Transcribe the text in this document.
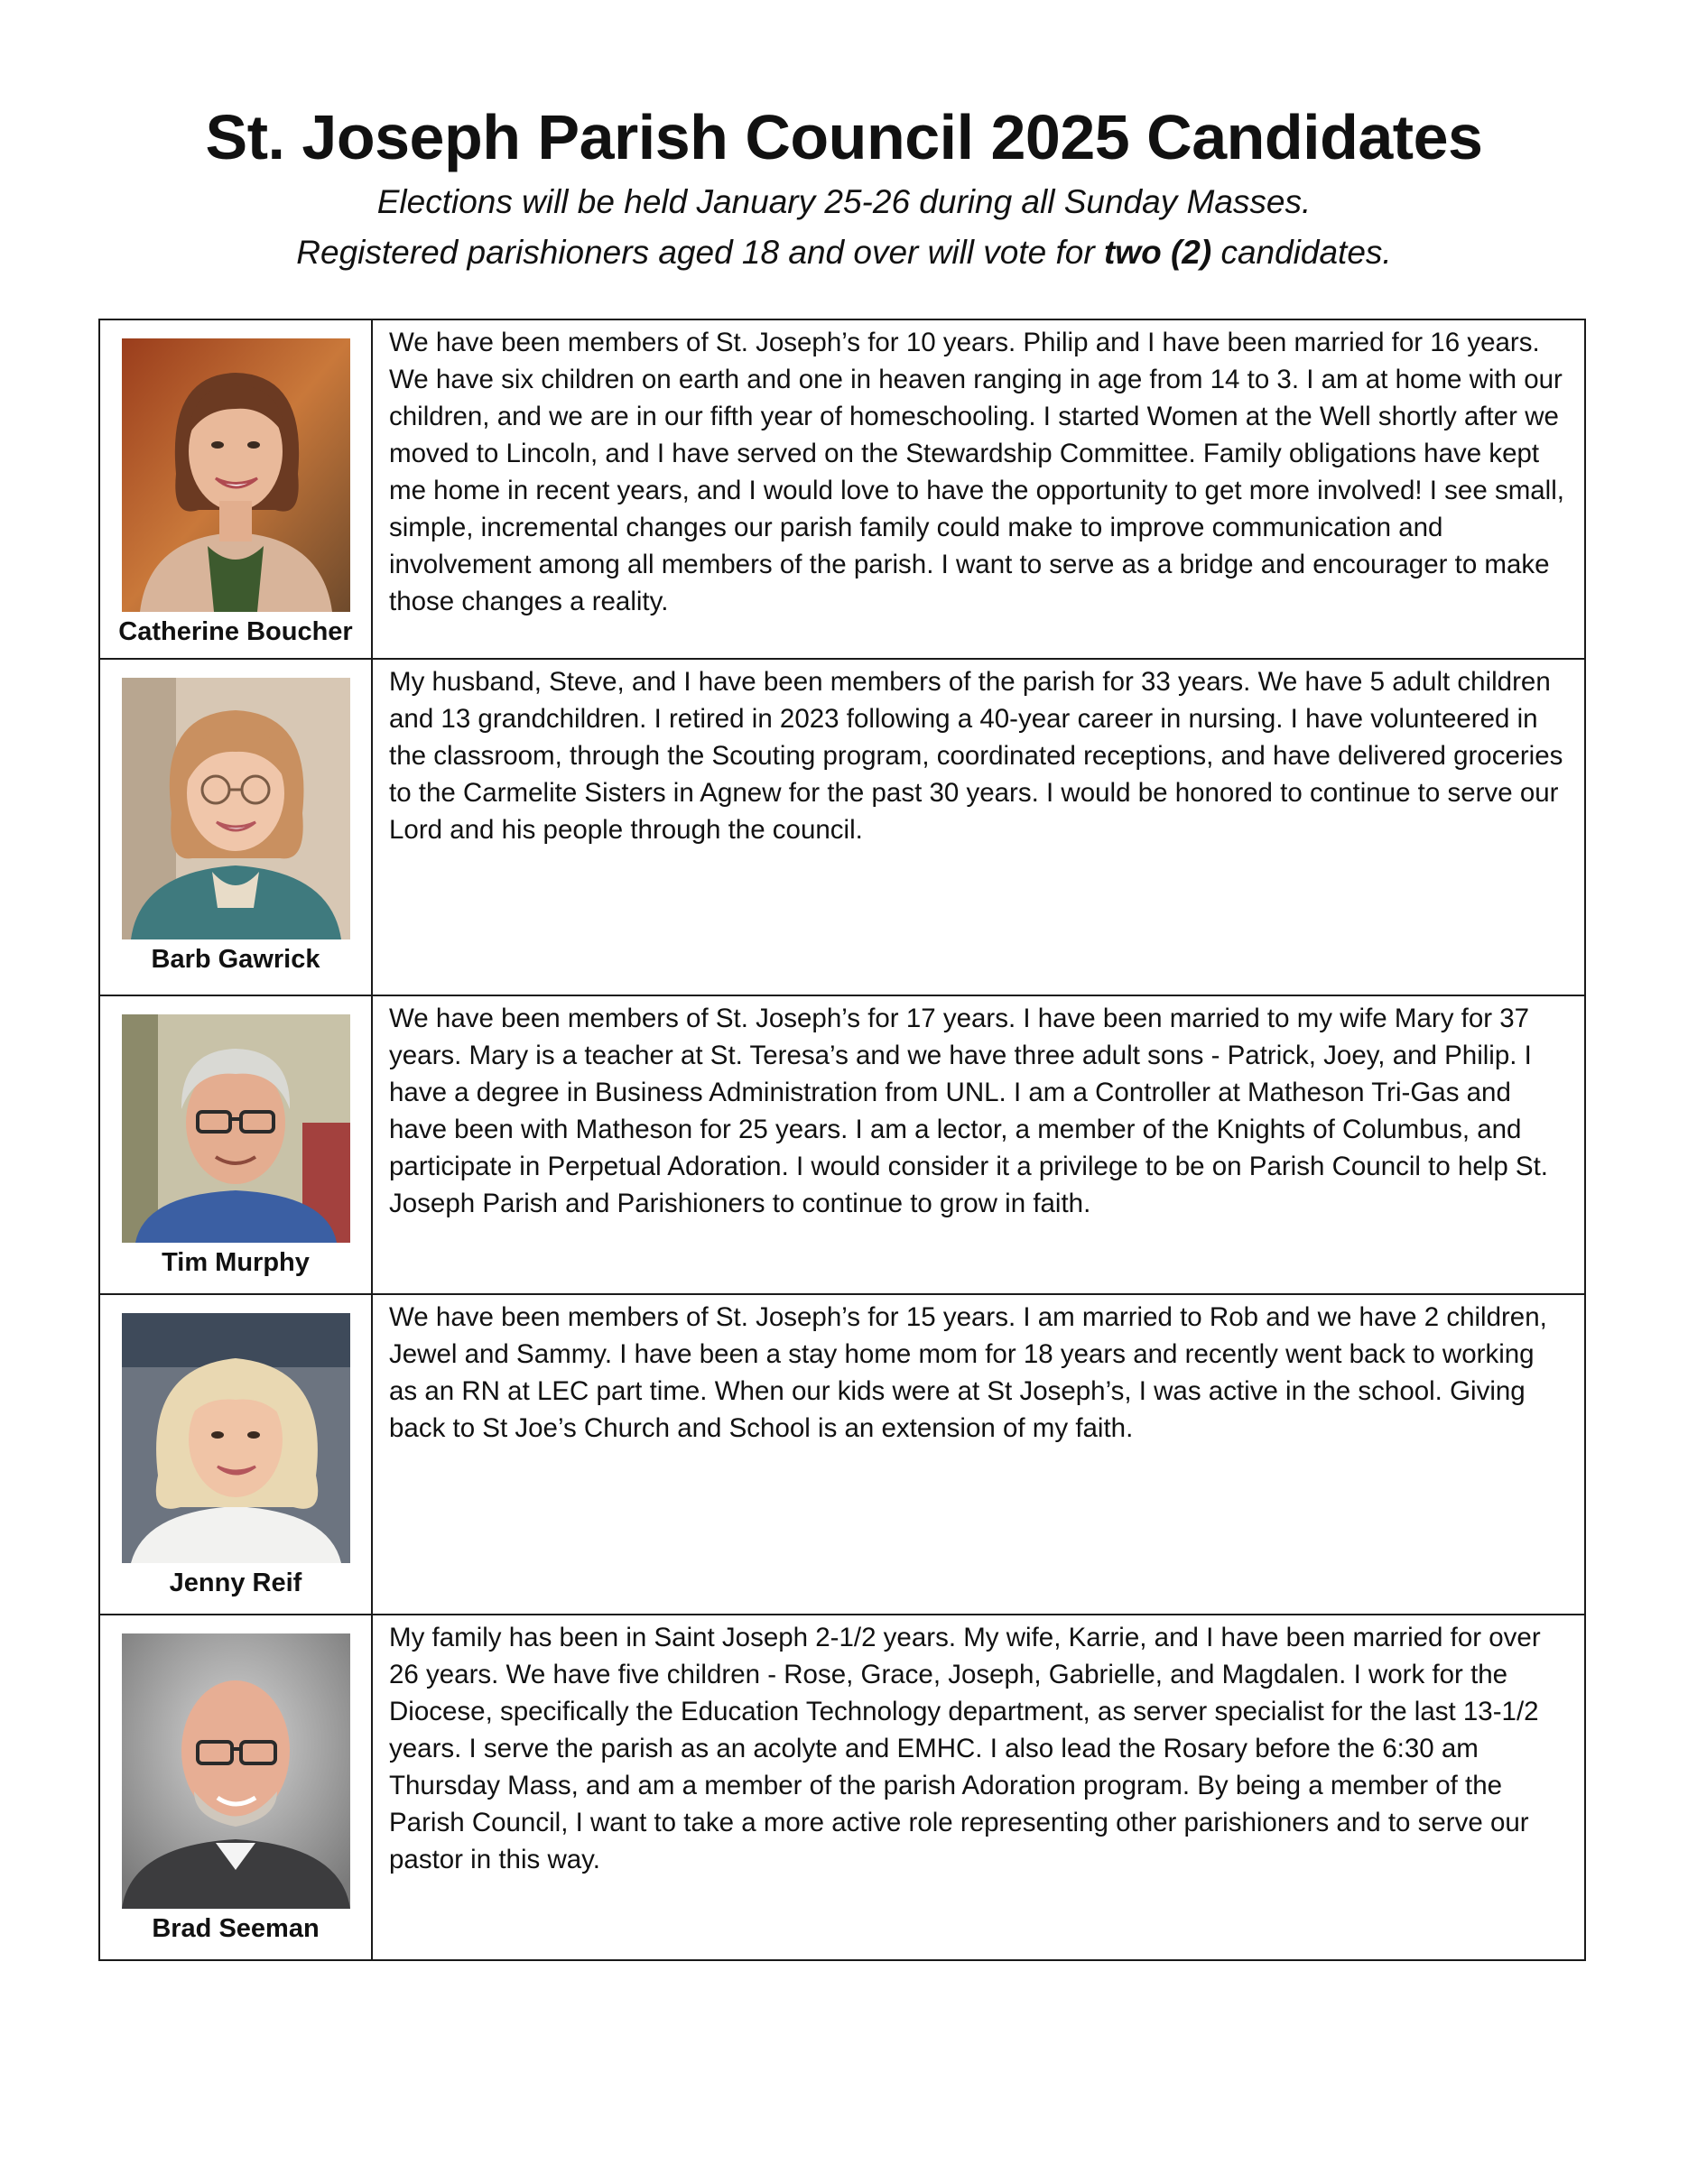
St. Joseph Parish Council 2025 Candidates
Elections will be held January 25-26 during all Sunday Masses.
Registered parishioners aged 18 and over will vote for two (2) candidates.
Catherine Boucher

We have been members of St. Joseph’s for 10 years. Philip and I have been married for 16 years. We have six children on earth and one in heaven ranging in age from 14 to 3. I am at home with our children, and we are in our fifth year of homeschooling. I started Women at the Well shortly after we moved to Lincoln, and I have served on the Stewardship Committee. Family obligations have kept me home in recent years, and I would love to have the opportunity to get more involved! I see small, simple, incremental changes our parish family could make to improve communication and involvement among all members of the parish. I want to serve as a bridge and encourager to make those changes a reality.

Barb Gawrick

My husband, Steve, and I have been members of the parish for 33 years. We have 5 adult children and 13 grandchildren. I retired in 2023 following a 40-year career in nursing. I have volunteered in the classroom, through the Scouting program, coordinated receptions, and have delivered groceries to the Carmelite Sisters in Agnew for the past 30 years. I would be honored to continue to serve our Lord and his people through the council.

Tim Murphy

We have been members of St. Joseph’s for 17 years. I have been married to my wife Mary for 37 years. Mary is a teacher at St. Teresa’s and we have three adult sons - Patrick, Joey, and Philip. I have a degree in Business Administration from UNL. I am a Controller at Matheson Tri-Gas and have been with Matheson for 25 years. I am a lector, a member of the Knights of Columbus, and participate in Perpetual Adoration. I would consider it a privilege to be on Parish Council to help St. Joseph Parish and Parishioners to continue to grow in faith.

Jenny Reif

We have been members of St. Joseph’s for 15 years. I am married to Rob and we have 2 children, Jewel and Sammy. I have been a stay home mom for 18 years and recently went back to working as an RN at LEC part time. When our kids were at St Joseph’s, I was active in the school. Giving back to St Joe’s Church and School is an extension of my faith.

Brad Seeman

My family has been in Saint Joseph 2-1/2 years. My wife, Karrie, and I have been married for over 26 years. We have five children - Rose, Grace, Joseph, Gabrielle, and Magdalen. I work for the Diocese, specifically the Education Technology department, as server specialist for the last 13-1/2 years. I serve the parish as an acolyte and EMHC. I also lead the Rosary before the 6:30 am Thursday Mass, and am a member of the parish Adoration program. By being a member of the Parish Council, I want to take a more active role representing other parishioners and to serve our pastor in this way.
